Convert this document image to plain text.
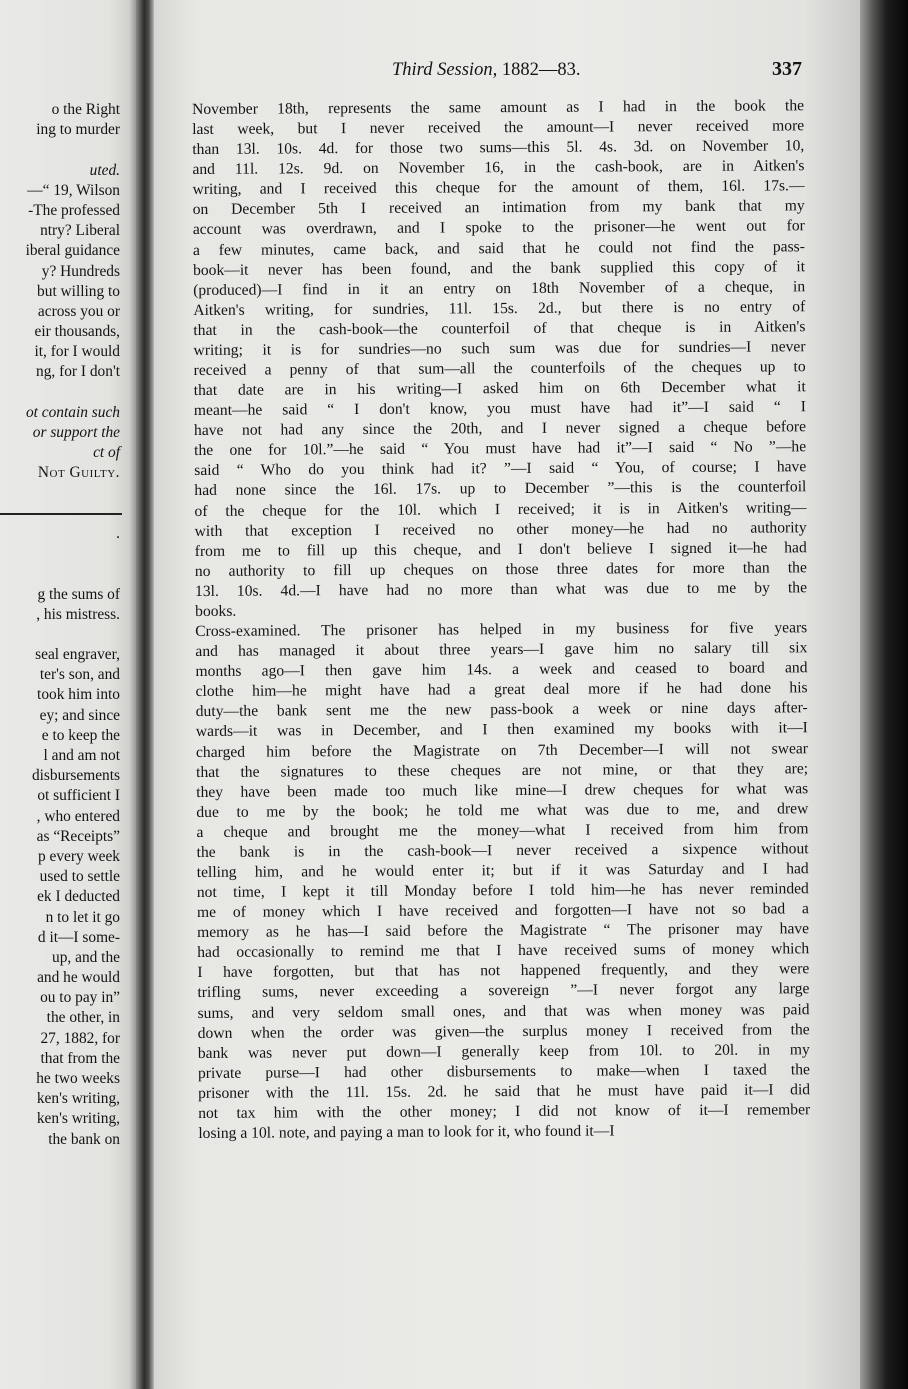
o the Right
ing to murder
uted.
—“ 19, Wilson
-The professed
ntry? Liberal
iberal guidance
y? Hundreds
but willing to
across you or
eir thousands,
it, for I would
ng, for I don't
ot contain such
or support the
ct of
Not Guilty.
.
g the sums of
, his mistress.
seal engraver,
ter's son, and
took him into
ey; and since
e to keep the
l and am not
disbursements
ot sufficient I
, who entered
as “Receipts”
p every week
used to settle
ek I deducted
n to let it go
d it—I some-
up, and the
and he would
ou to pay in”
the other, in
27, 1882, for
that from the
he two weeks
ken's writing,
ken's writing,
the bank on
Third Session, 1882—83.	337
November 18th, represents the same amount as I had in the book the
last week, but I never received the amount—I never received more
than 13l. 10s. 4d. for those two sums—this 5l. 4s. 3d. on November 10,
and 11l. 12s. 9d. on November 16, in the cash-book, are in Aitken's
writing, and I received this cheque for the amount of them, 16l. 17s.—
on December 5th I received an intimation from my bank that my
account was overdrawn, and I spoke to the prisoner—he went out for
a few minutes, came back, and said that he could not find the pass-
book—it never has been found, and the bank supplied this copy of it
(produced)—I find in it an entry on 18th November of a cheque, in
Aitken's writing, for sundries, 11l. 15s. 2d., but there is no entry of
that in the cash-book—the counterfoil of that cheque is in Aitken's
writing; it is for sundries—no such sum was due for sundries—I never
received a penny of that sum—all the counterfoils of the cheques up to
that date are in his writing—I asked him on 6th December what it
meant—he said “ I don't know, you must have had it”—I said “ I
have not had any since the 20th, and I never signed a cheque before
the one for 10l.”—he said “ You must have had it”—I said “ No ”—he
said “ Who do you think had it? ”—I said “ You, of course; I have
had none since the 16l. 17s. up to December ”—this is the counterfoil
of the cheque for the 10l. which I received; it is in Aitken's writing—
with that exception I received no other money—he had no authority
from me to fill up this cheque, and I don't believe I signed it—he had
no authority to fill up cheques on those three dates for more than the
13l. 10s. 4d.—I have had no more than what was due to me by the
books.
Cross-examined. The prisoner has helped in my business for five years
and has managed it about three years—I gave him no salary till six
months ago—I then gave him 14s. a week and ceased to board and
clothe him—he might have had a great deal more if he had done his
duty—the bank sent me the new pass-book a week or nine days after-
wards—it was in December, and I then examined my books with it—I
charged him before the Magistrate on 7th December—I will not swear
that the signatures to these cheques are not mine, or that they are;
they have been made too much like mine—I drew cheques for what was
due to me by the book; he told me what was due to me, and drew
a cheque and brought me the money—what I received from him from
the bank is in the cash-book—I never received a sixpence without
telling him, and he would enter it; but if it was Saturday and I had
not time, I kept it till Monday before I told him—he has never reminded
me of money which I have received and forgotten—I have not so bad a
memory as he has—I said before the Magistrate “ The prisoner may have
had occasionally to remind me that I have received sums of money which
I have forgotten, but that has not happened frequently, and they were
trifling sums, never exceeding a sovereign ”—I never forgot any large
sums, and very seldom small ones, and that was when money was paid
down when the order was given—the surplus money I received from the
bank was never put down—I generally keep from 10l. to 20l. in my
private purse—I had other disbursements to make—when I taxed the
prisoner with the 11l. 15s. 2d. he said that he must have paid it—I did
not tax him with the other money; I did not know of it—I remember
losing a 10l. note, and paying a man to look for it, who found it—I
